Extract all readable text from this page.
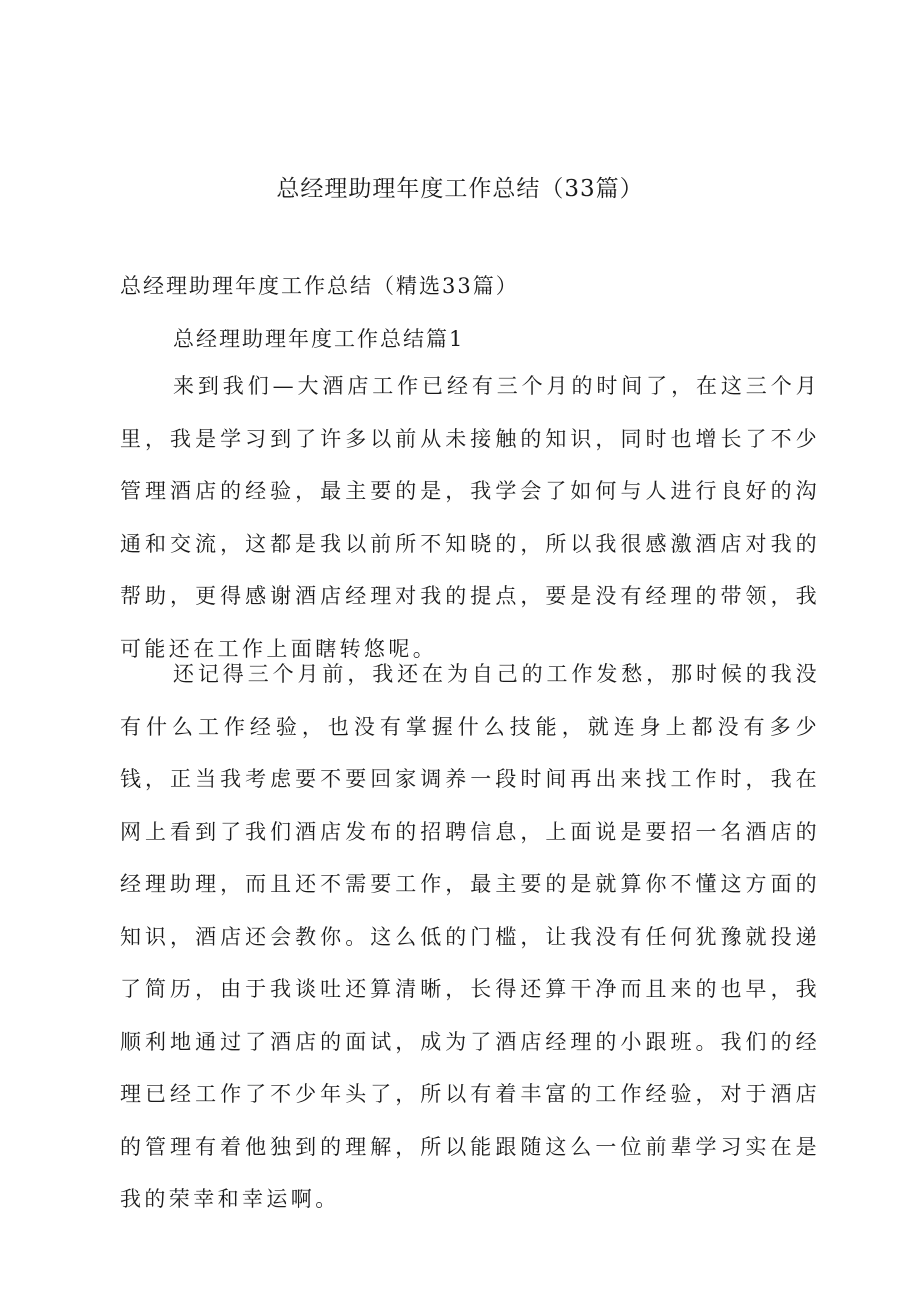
总经理助理年度工作总结（33篇）

总经理助理年度工作总结（精选33篇）

总经理助理年度工作总结篇1

来到我们—大酒店工作已经有三个月的时间了，在这三个月里，我是学习到了许多以前从未接触的知识，同时也增长了不少管理酒店的经验，最主要的是，我学会了如何与人进行良好的沟通和交流，这都是我以前所不知晓的，所以我很感激酒店对我的帮助，更得感谢酒店经理对我的提点，要是没有经理的带领，我可能还在工作上面瞎转悠呢。

还记得三个月前，我还在为自己的工作发愁，那时候的我没有什么工作经验，也没有掌握什么技能，就连身上都没有多少钱，正当我考虑要不要回家调养一段时间再出来找工作时，我在网上看到了我们酒店发布的招聘信息，上面说是要招一名酒店的经理助理，而且还不需要工作，最主要的是就算你不懂这方面的知识，酒店还会教你。这么低的门槛，让我没有任何犹豫就投递了简历，由于我谈吐还算清晰，长得还算干净而且来的也早，我顺利地通过了酒店的面试，成为了酒店经理的小跟班。我们的经理已经工作了不少年头了，所以有着丰富的工作经验，对于酒店的管理有着他独到的理解，所以能跟随这么一位前辈学习实在是我的荣幸和幸运啊。
